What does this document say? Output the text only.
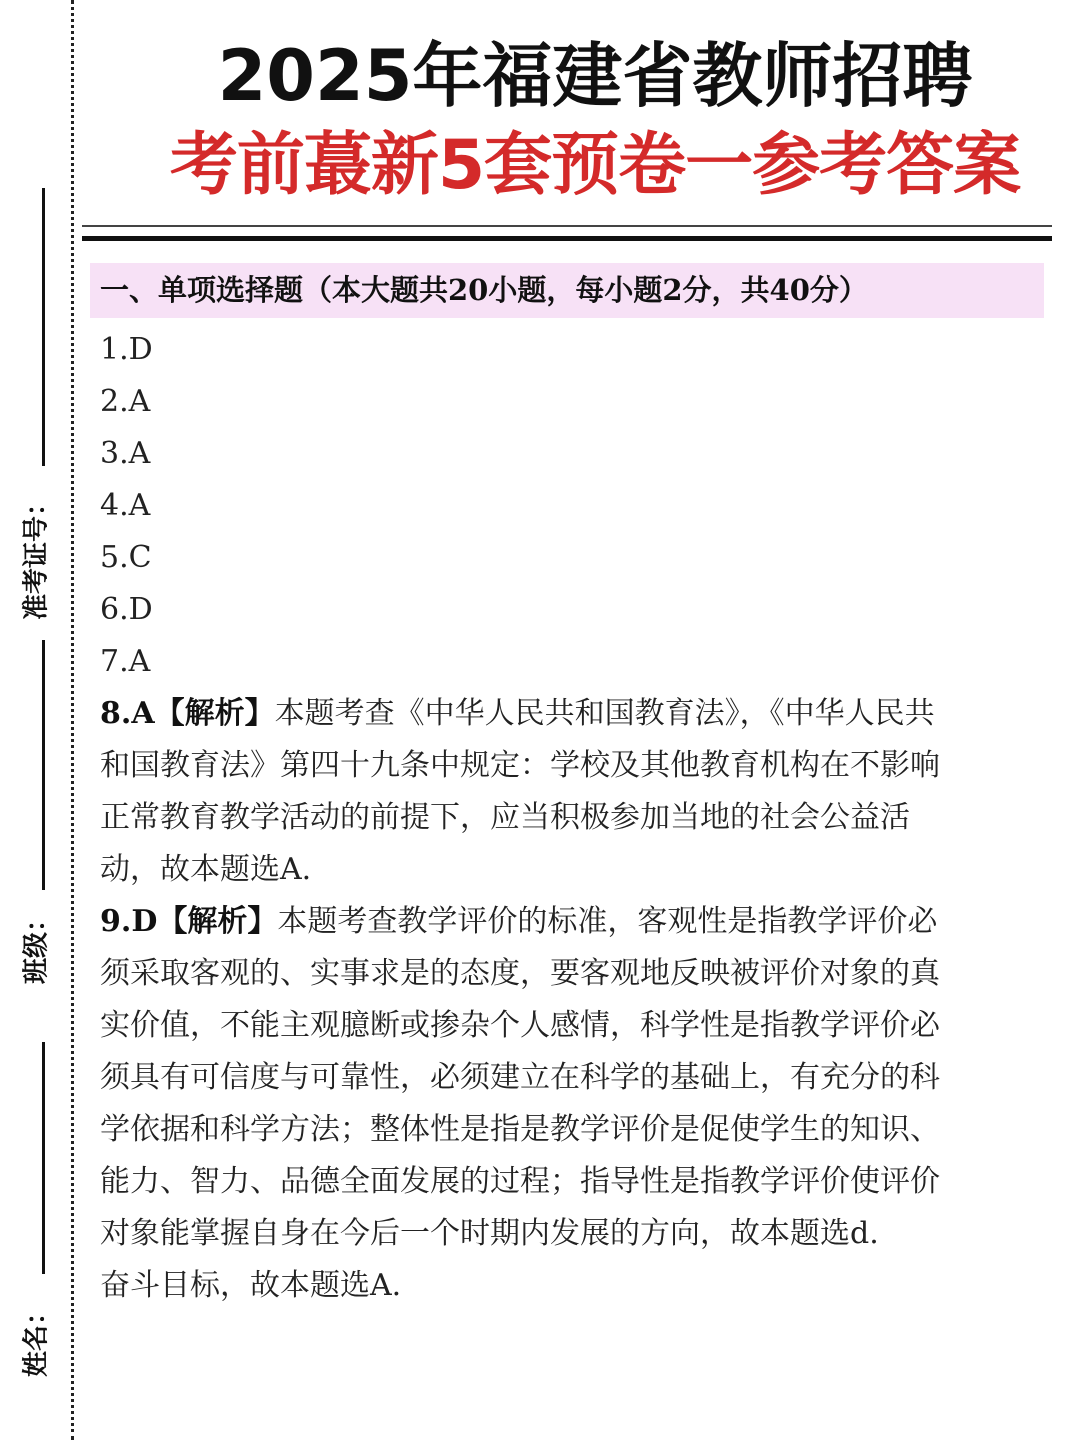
准考证号：
班级：
姓名：
2025年福建省教师招聘
考前蕞新5套预卷一参考答案
一、单项选择题（本大题共20小题，每小题2分，共40分）
1.D
2.A
3.A
4.A
5.C
6.D
7.A
8.A【解析】本题考查《中华人民共和国教育法》，《中华人民共
和国教育法》第四十九条中规定：学校及其他教育机构在不影响
正常教育教学活动的前提下，应当积极参加当地的社会公益活
动，故本题选A.
9.D【解析】本题考查教学评价的标准，客观性是指教学评价必
须采取客观的、实事求是的态度，要客观地反映被评价对象的真
实价值，不能主观臆断或掺杂个人感情，科学性是指教学评价必
须具有可信度与可靠性，必须建立在科学的基础上，有充分的科
学依据和科学方法；整体性是指是教学评价是促使学生的知识、
能力、智力、品德全面发展的过程；指导性是指教学评价使评价
对象能掌握自身在今后一个时期内发展的方向，故本题选d.
奋斗目标，故本题选A.
